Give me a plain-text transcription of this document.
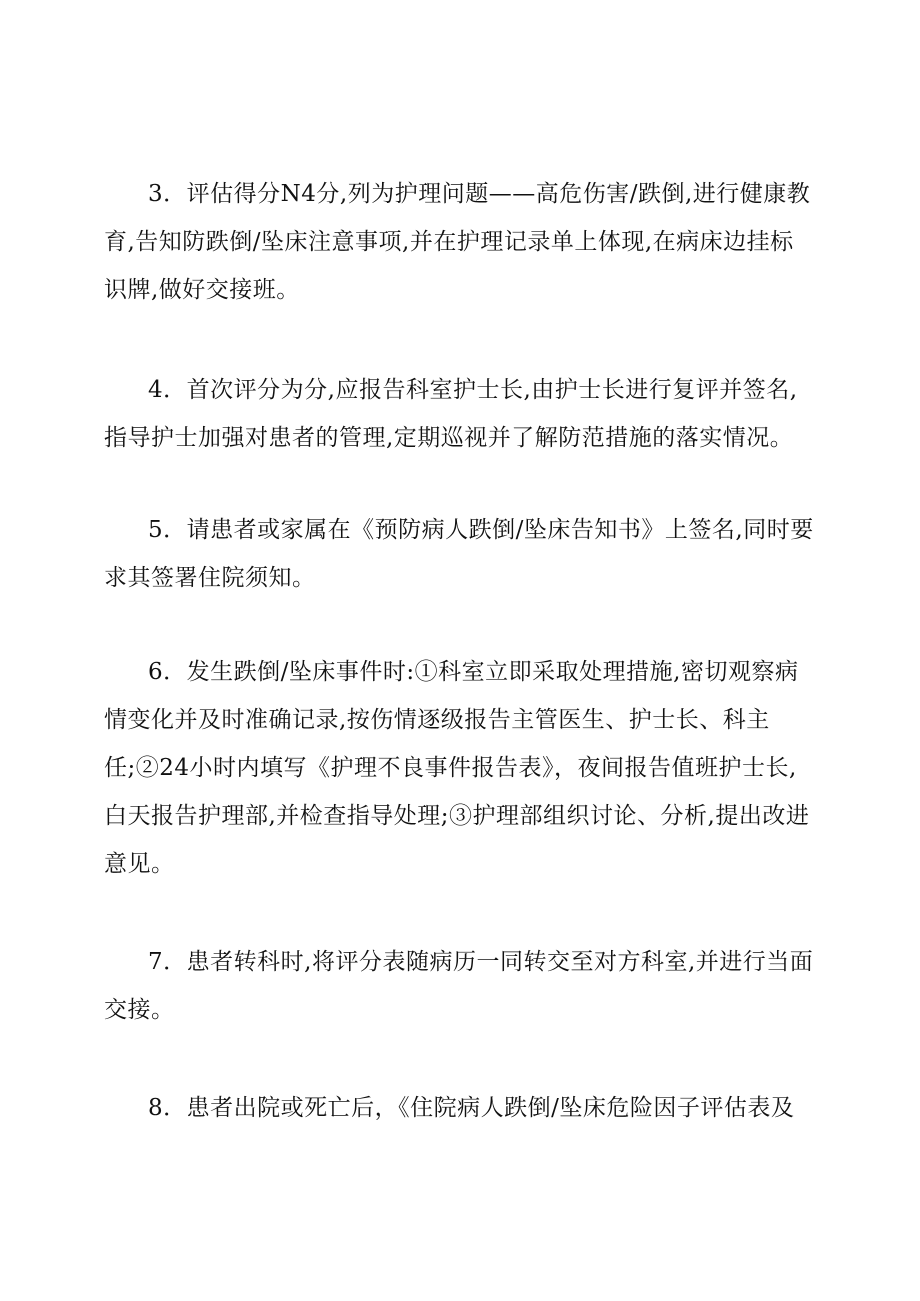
3．评估得分N4分,列为护理问题——高危伤害/跌倒,进行健康教
育,告知防跌倒/坠床注意事项,并在护理记录单上体现,在病床边挂标
识牌,做好交接班。

4．首次评分为分,应报告科室护士长,由护士长进行复评并签名,
指导护士加强对患者的管理,定期巡视并了解防范措施的落实情况。

5．请患者或家属在《预防病人跌倒/坠床告知书》上签名,同时要
求其签署住院须知。

6．发生跌倒/坠床事件时:①科室立即采取处理措施,密切观察病
情变化并及时准确记录,按伤情逐级报告主管医生、护士长、科主
任;②24小时内填写《护理不良事件报告表》，夜间报告值班护士长,
白天报告护理部,并检查指导处理;③护理部组织讨论、分析,提出改进
意见。

7．患者转科时,将评分表随病历一同转交至对方科室,并进行当面
交接。

8．患者出院或死亡后，《住院病人跌倒/坠床危险因子评估表及
